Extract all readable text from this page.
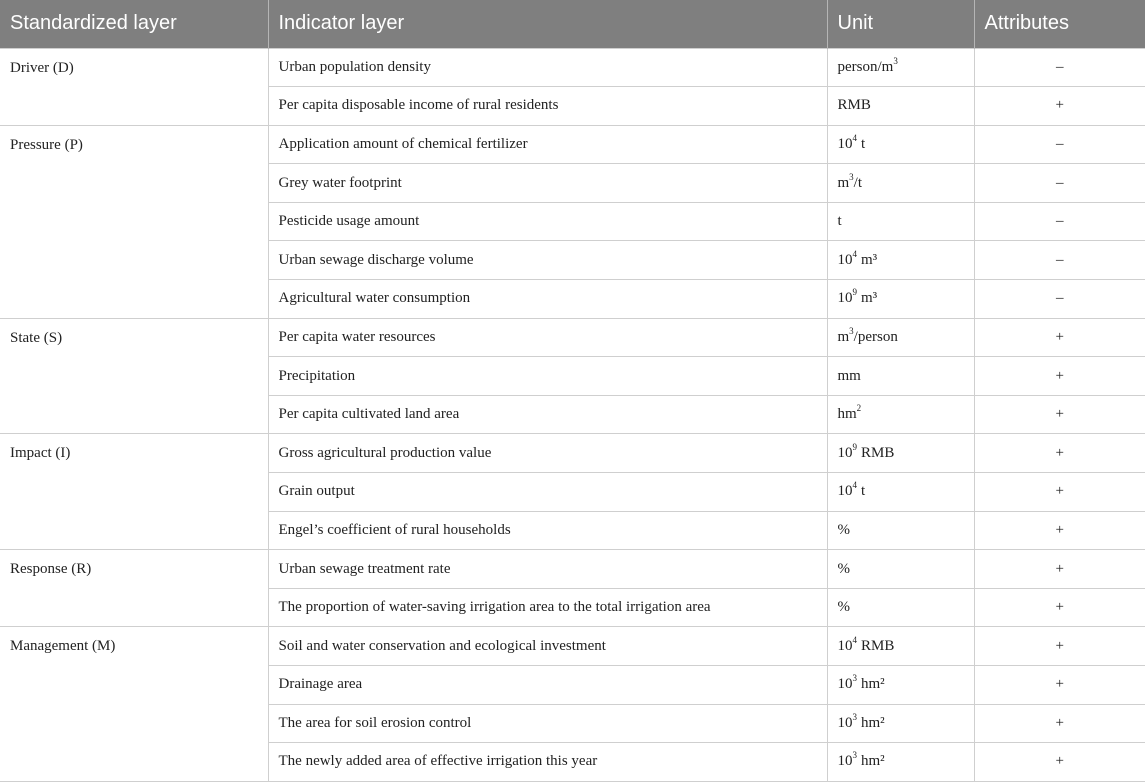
Standardized layer	Indicator layer	Unit	Attributes
Driver (D)	Urban population density	person/$m^3$	–
	Per capita disposable income of rural residents	RMB	+
Pressure (P)	Application amount of chemical fertilizer	$10^4$ t	–
	Grey water footprint	$m^3/t$	–
	Pesticide usage amount	t	–
	Urban sewage discharge volume	$10^4$ m³	–
	Agricultural water consumption	$10^9$ m³	–
State (S)	Per capita water resources	$m^3$/person	+
	Precipitation	mm	+
	Per capita cultivated land area	$hm^2$	+
Impact (I)	Gross agricultural production value	$10^9$ RMB	+
	Grain output	$10^4$ t	+
	Engel’s coefficient of rural households	%	+
Response (R)	Urban sewage treatment rate	%	+
	The proportion of water-saving irrigation area to the total irrigation area	%	+
Management (M)	Soil and water conservation and ecological investment	$10^4$ RMB	+
	Drainage area	$10^3$ hm²	+
	The area for soil erosion control	$10^3$ hm²	+
	The newly added area of effective irrigation this year	$10^3$ hm²	+
